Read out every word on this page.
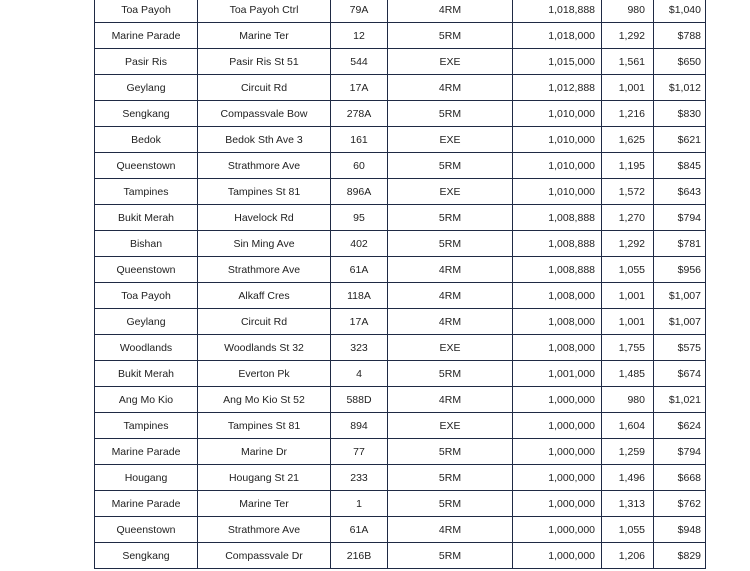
Toa Payoh	Toa Payoh Ctrl	79A	4RM	1,018,888	980	$1,040
Marine Parade	Marine Ter	12	5RM	1,018,000	1,292	$788
Pasir Ris	Pasir Ris St 51	544	EXE	1,015,000	1,561	$650
Geylang	Circuit Rd	17A	4RM	1,012,888	1,001	$1,012
Sengkang	Compassvale Bow	278A	5RM	1,010,000	1,216	$830
Bedok	Bedok Sth Ave 3	161	EXE	1,010,000	1,625	$621
Queenstown	Strathmore Ave	60	5RM	1,010,000	1,195	$845
Tampines	Tampines St 81	896A	EXE	1,010,000	1,572	$643
Bukit Merah	Havelock Rd	95	5RM	1,008,888	1,270	$794
Bishan	Sin Ming Ave	402	5RM	1,008,888	1,292	$781
Queenstown	Strathmore Ave	61A	4RM	1,008,888	1,055	$956
Toa Payoh	Alkaff Cres	118A	4RM	1,008,000	1,001	$1,007
Geylang	Circuit Rd	17A	4RM	1,008,000	1,001	$1,007
Woodlands	Woodlands St 32	323	EXE	1,008,000	1,755	$575
Bukit Merah	Everton Pk	4	5RM	1,001,000	1,485	$674
Ang Mo Kio	Ang Mo Kio St 52	588D	4RM	1,000,000	980	$1,021
Tampines	Tampines St 81	894	EXE	1,000,000	1,604	$624
Marine Parade	Marine Dr	77	5RM	1,000,000	1,259	$794
Hougang	Hougang St 21	233	5RM	1,000,000	1,496	$668
Marine Parade	Marine Ter	1	5RM	1,000,000	1,313	$762
Queenstown	Strathmore Ave	61A	4RM	1,000,000	1,055	$948
Sengkang	Compassvale Dr	216B	5RM	1,000,000	1,206	$829
